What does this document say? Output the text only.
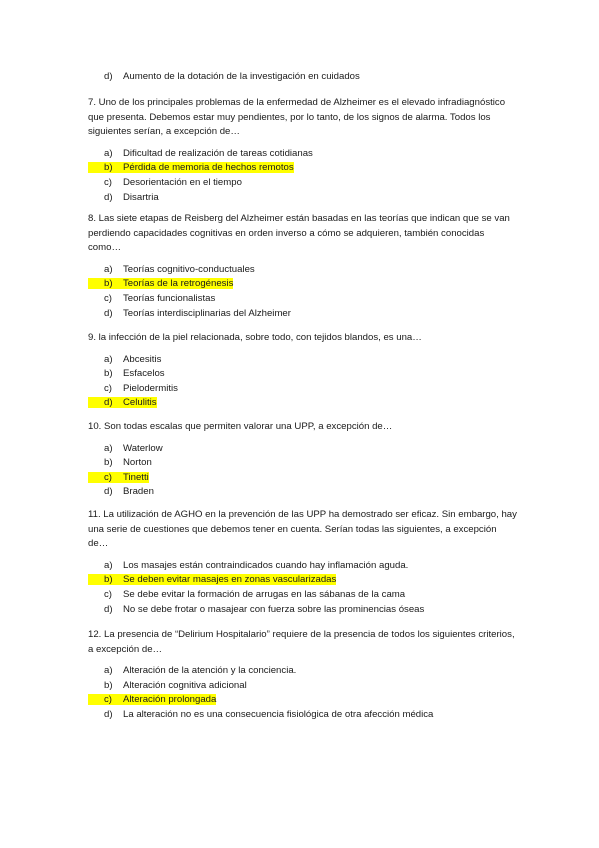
d) Aumento de la dotación de la investigación en cuidados

7. Uno de los principales problemas de la enfermedad de Alzheimer es el elevado infradiagnóstico que presenta. Debemos estar muy pendientes, por lo tanto, de los signos de alarma. Todos los siguientes serían, a excepción de…

a) Dificultad de realización de tareas cotidianas
b) Pérdida de memoria de hechos remotos
c) Desorientación en el tiempo
d) Disartria

8. Las siete etapas de Reisberg del Alzheimer están basadas en las teorías que indican que se van perdiendo capacidades cognitivas en orden inverso a cómo se adquieren, también conocidas como…

a) Teorías cognitivo-conductuales
b) Teorías de la retrogénesis
c) Teorías funcionalistas
d) Teorías interdisciplinarias del Alzheimer

9. la infección de la piel relacionada, sobre todo, con tejidos blandos, es una…

a) Abcesitis
b) Esfacelos
c) Pielodermitis
d) Celulitis

10. Son todas escalas que permiten valorar una UPP, a excepción de…

a) Waterlow
b) Norton
c) Tinetti
d) Braden

11. La utilización de AGHO en la prevención de las UPP ha demostrado ser eficaz. Sin embargo, hay una serie de cuestiones que debemos tener en cuenta. Serían todas las siguientes, a excepción de…

a) Los masajes están contraindicados cuando hay inflamación aguda.
b) Se deben evitar masajes en zonas vascularizadas
c) Se debe evitar la formación de arrugas en las sábanas de la cama
d) No se debe frotar o masajear con fuerza sobre las prominencias óseas

12. La presencia de “Delirium Hospitalario” requiere de la presencia de todos los siguientes criterios, a excepción de…

a) Alteración de la atención y la conciencia.
b) Alteración cognitiva adicional
c) Alteración prolongada
d) La alteración no es una consecuencia fisiológica de otra afección médica
